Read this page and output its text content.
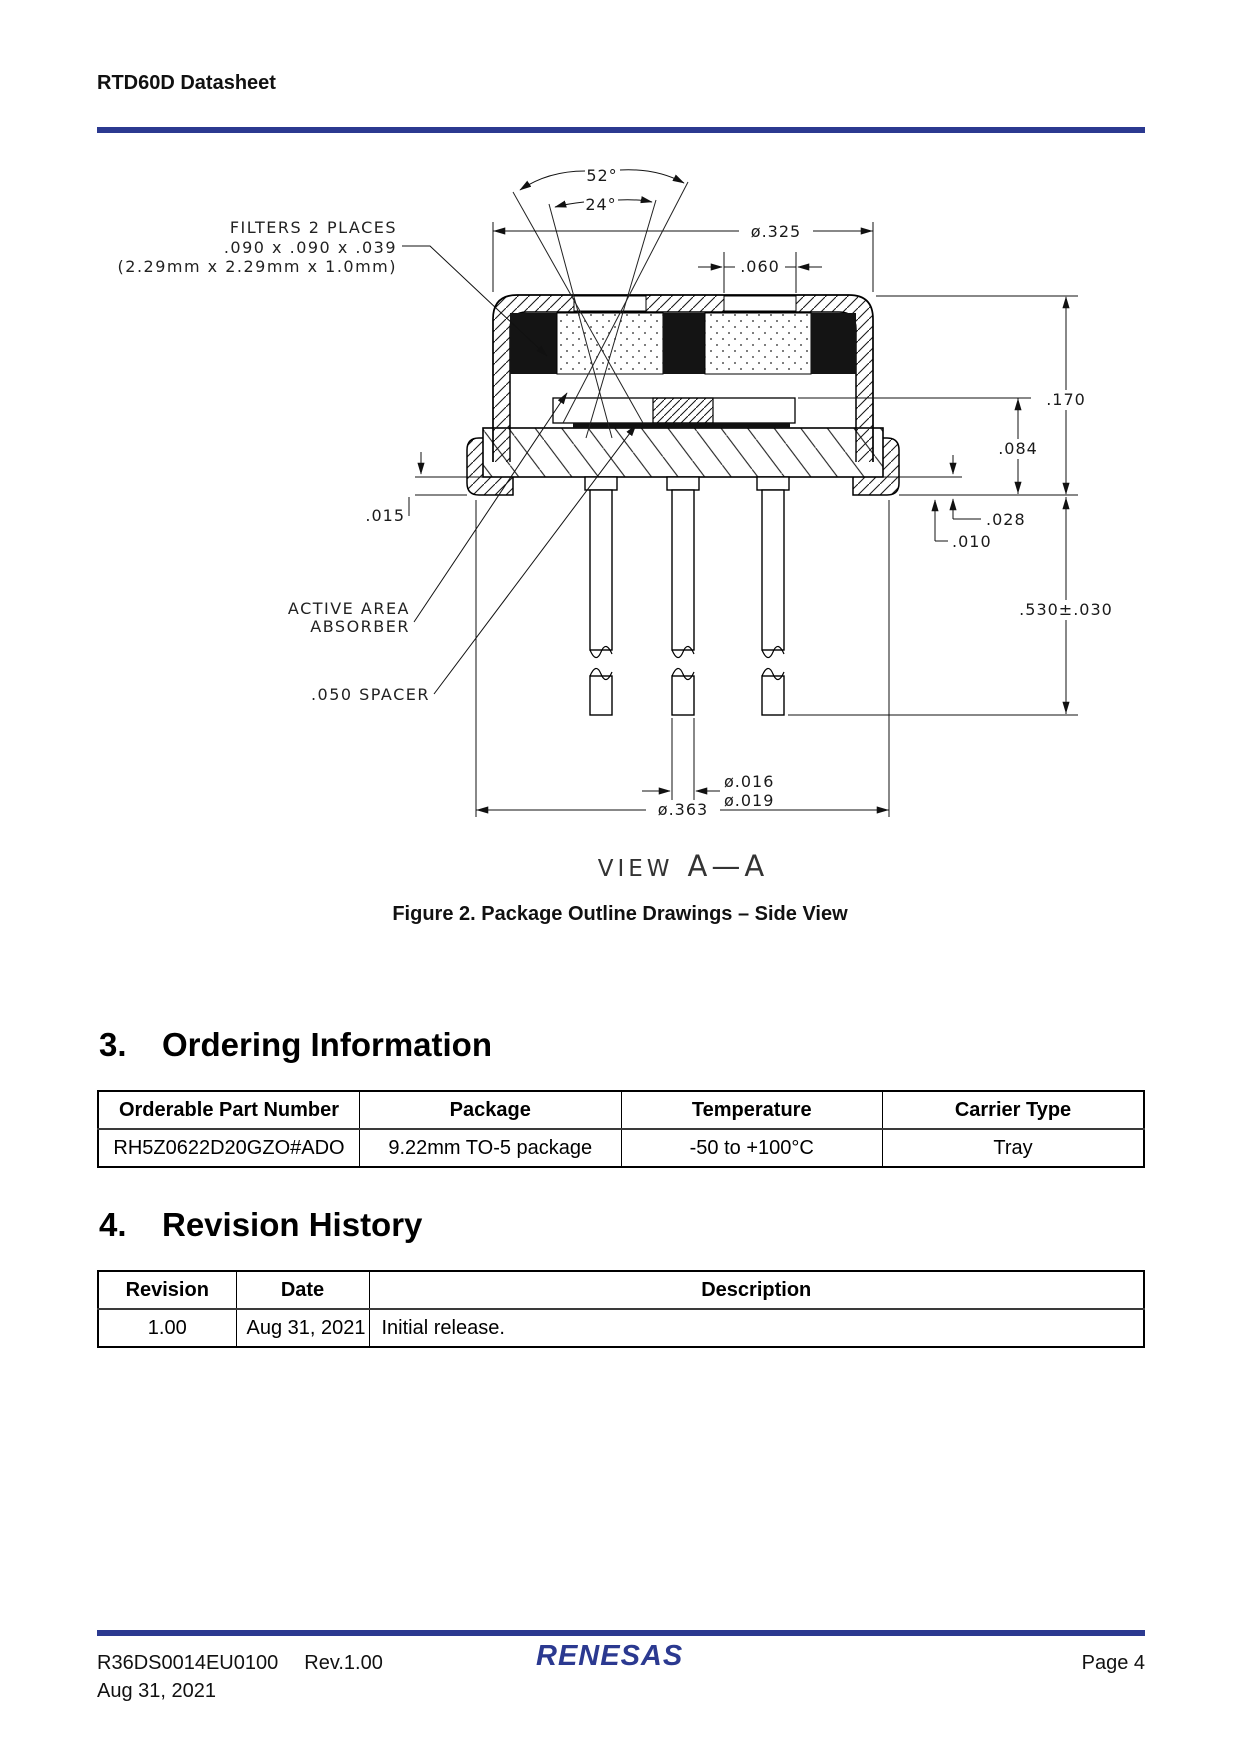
RTD60D Datasheet
52°
24°
FILTERS 2 PLACES
.090 x .090 x .039
(2.29mm x 2.29mm x 1.0mm)
ø.325
.060
.170
.084
.028
.010
.015
ACTIVE AREA
ABSORBER
.050 SPACER
.530±.030
ø.016
ø.019
ø.363
VIEW A—A
Figure 2. Package Outline Drawings – Side View
3.	Ordering Information
Orderable Part Number	Package	Temperature	Carrier Type
RH5Z0622D20GZO#ADO	9.22mm TO-5 package	-50 to +100°C	Tray
4.	Revision History
Revision	Date	Description
1.00	Aug 31, 2021	Initial release.
R36DS0014EU0100 Rev.1.00
Aug 31, 2021
RENESAS	Page 4
